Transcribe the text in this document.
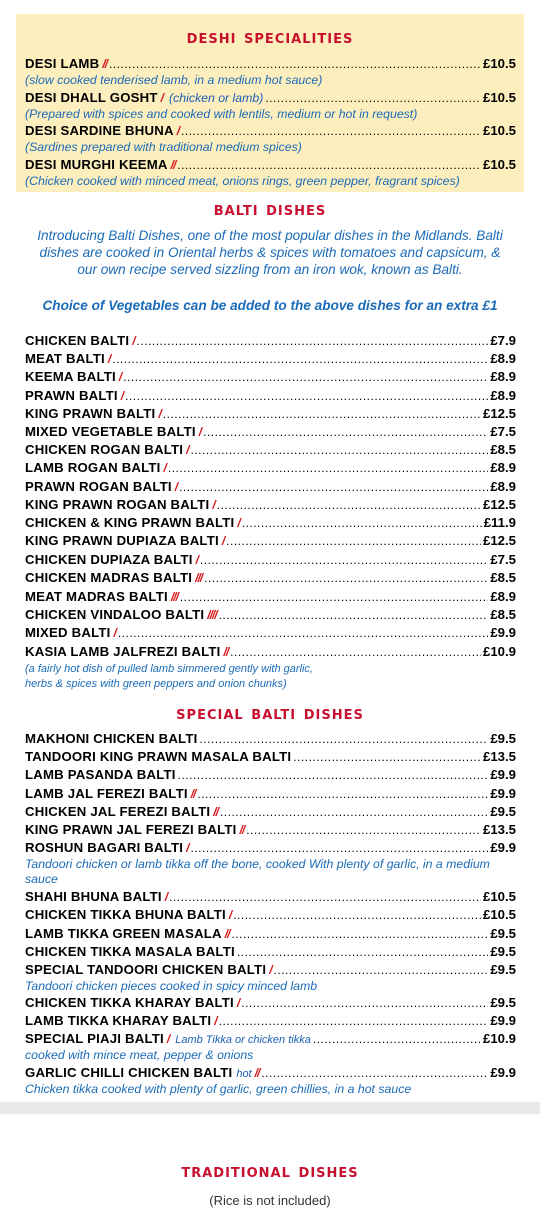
deshi specialities
DESI LAMB // .....	£10.5
(slow cooked tenderised lamb, in a medium hot sauce)
DESI DHALL GOSHT / (chicken or lamb) .....	£10.5
(Prepared with spices and cooked with lentils, medium or hot in request)
DESI SARDINE BHUNA / .....	£10.5
(Sardines prepared with traditional medium spices)
DESI MURGHI KEEMA // .....	£10.5
(Chicken cooked with minced meat, onions rings, green pepper, fragrant spices)
balti dishes
Introducing Balti Dishes, one of the most popular dishes in the Midlands. Balti dishes are cooked in Oriental herbs & spices with tomatoes and capsicum, & our own recipe served sizzling from an iron wok, known as Balti.
Choice of Vegetables can be added to the above dishes for an extra £1
CHICKEN BALTI / .....	£7.9
MEAT BALTI / .....	£8.9
KEEMA BALTI / .....	£8.9
PRAWN BALTI / .....	£8.9
KING PRAWN BALTI / .....	£12.5
MIXED VEGETABLE BALTI / .....	£7.5
CHICKEN ROGAN BALTI / .....	£8.5
LAMB ROGAN BALTI / .....	£8.9
PRAWN ROGAN BALTI / .....	£8.9
KING PRAWN ROGAN BALTI / .....	£12.5
CHICKEN & KING PRAWN BALTI / .....	£11.9
KING PRAWN DUPIAZA BALTI / .....	£12.5
CHICKEN DUPIAZA BALTI / .....	£7.5
CHICKEN MADRAS BALTI /// .....	£8.5
MEAT MADRAS BALTI /// .....	£8.9
CHICKEN VINDALOO BALTI //// .....	£8.5
MIXED BALTI / .....	£9.9
KASIA LAMB JALFREZI BALTI // .....	£10.9
(a fairly hot dish of pulled lamb simmered gently with garlic, herbs & spices with green peppers and onion chunks)
special balti dishes
MAKHONI CHICKEN BALTI .....	£9.5
TANDOORI KING PRAWN MASALA BALTI .....	£13.5
LAMB PASANDA BALTI .....	£9.9
LAMB JAL FEREZI BALTI // .....	£9.9
CHICKEN JAL FEREZI BALTI // .....	£9.5
KING PRAWN JAL FEREZI BALTI // .....	£13.5
ROSHUN BAGARI BALTI / .....	£9.9
Tandoori chicken or lamb tikka off the bone, cooked With plenty of garlic, in a medium sauce
SHAHI BHUNA BALTI / .....	£10.5
CHICKEN TIKKA BHUNA BALTI / .....	£10.5
LAMB TIKKA GREEN MASALA // .....	£9.5
CHICKEN TIKKA MASALA BALTI .....	£9.5
SPECIAL TANDOORI CHICKEN BALTI / .....	£9.5
Tandoori chicken pieces cooked in spicy minced lamb
CHICKEN TIKKA KHARAY BALTI / .....	£9.5
LAMB TIKKA KHARAY BALTI / .....	£9.9
SPECIAL PIAJI BALTI / Lamb Tikka or chicken tikka .....	£10.9
cooked with mince meat, pepper & onions
GARLIC CHILLI CHICKEN BALTI hot // .....	£9.9
Chicken tikka cooked with plenty of garlic, green chillies, in a hot sauce
traditional dishes
(Rice is not included)
